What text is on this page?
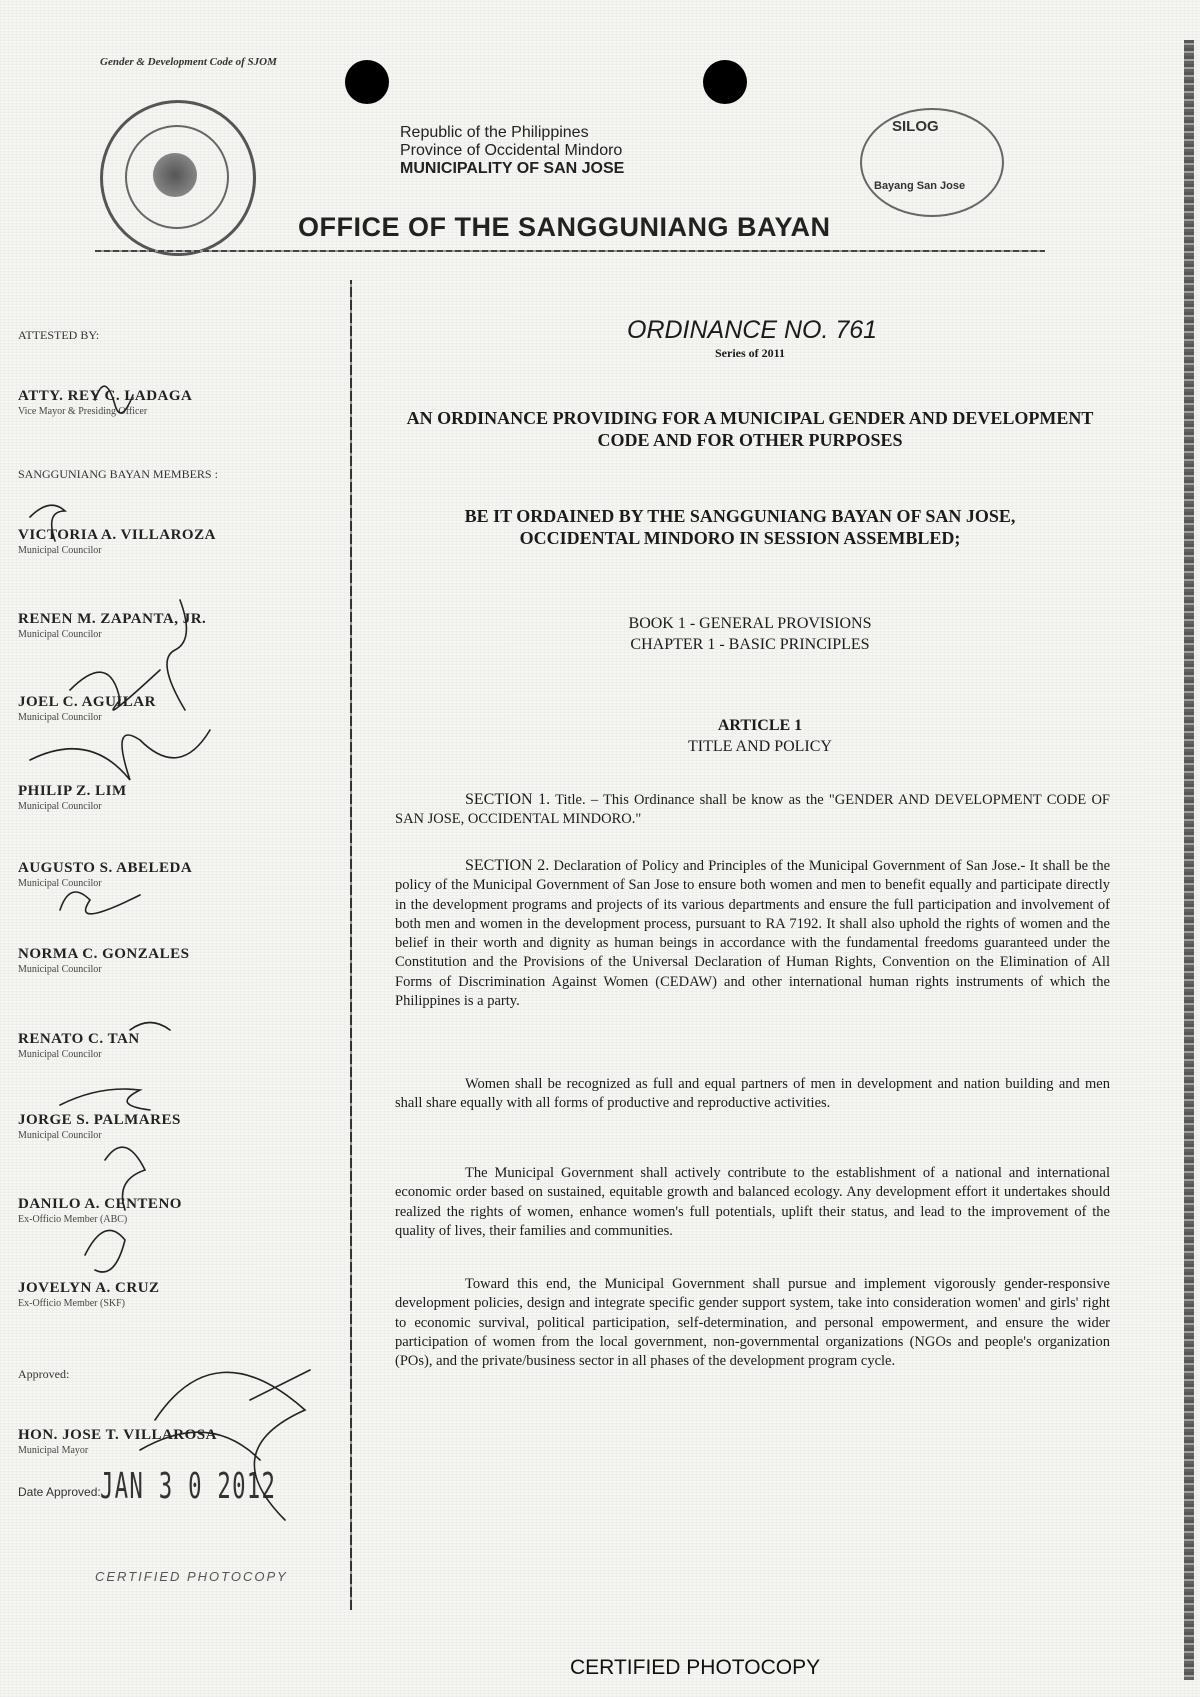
Gender & Development Code of SJOM
SILOG
Bayang San Jose
Republic of the Philippines
Province of Occidental Mindoro
MUNICIPALITY OF SAN JOSE
OFFICE OF THE SANGGUNIANG BAYAN
ATTESTED BY:
ATTY. REY C. LADAGA
Vice Mayor & Presiding Officer
SANGGUNIANG BAYAN MEMBERS :
VICTORIA A. VILLAROZA
Municipal Councilor
RENEN M. ZAPANTA, JR.
Municipal Councilor
JOEL C. AGUILAR
Municipal Councilor
PHILIP Z. LIM
Municipal Councilor
AUGUSTO S. ABELEDA
Municipal Councilor
NORMA C. GONZALES
Municipal Councilor
RENATO C. TAN
Municipal Councilor
JORGE S. PALMARES
Municipal Councilor
DANILO A. CENTENO
Ex-Officio Member (ABC)
JOVELYN A. CRUZ
Ex-Officio Member (SKF)
Approved:
HON. JOSE T. VILLAROSA
Municipal Mayor
Date Approved: JAN 3 0 2012
CERTIFIED PHOTOCOPY
ORDINANCE NO. 761
Series of 2011
AN ORDINANCE PROVIDING FOR A MUNICIPAL GENDER AND DEVELOPMENT CODE AND FOR OTHER PURPOSES
BE IT ORDAINED BY THE SANGGUNIANG BAYAN OF SAN JOSE,
OCCIDENTAL MINDORO IN SESSION ASSEMBLED;
BOOK 1 - GENERAL PROVISIONS
CHAPTER 1 - BASIC PRINCIPLES
ARTICLE 1
TITLE AND POLICY
SECTION 1. Title. – This Ordinance shall be know as the "GENDER AND DEVELOPMENT CODE OF SAN JOSE, OCCIDENTAL MINDORO."
SECTION 2. Declaration of Policy and Principles of the Municipal Government of San Jose.- It shall be the policy of the Municipal Government of San Jose to ensure both women and men to benefit equally and participate directly in the development programs and projects of its various departments and ensure the full participation and involvement of both men and women in the development process, pursuant to RA 7192. It shall also uphold the rights of women and the belief in their worth and dignity as human beings in accordance with the fundamental freedoms guaranteed under the Constitution and the Provisions of the Universal Declaration of Human Rights, Convention on the Elimination of All Forms of Discrimination Against Women (CEDAW) and other international human rights instruments of which the Philippines is a party.
Women shall be recognized as full and equal partners of men in development and nation building and men shall share equally with all forms of productive and reproductive activities.
The Municipal Government shall actively contribute to the establishment of a national and international economic order based on sustained, equitable growth and balanced ecology. Any development effort it undertakes should realized the rights of women, enhance women's full potentials, uplift their status, and lead to the improvement of the quality of lives, their families and communities.
Toward this end, the Municipal Government shall pursue and implement vigorously gender-responsive development policies, design and integrate specific gender support system, take into consideration women' and girls' right to economic survival, political participation, self-determination, and personal empowerment, and ensure the wider participation of women from the local government, non-governmental organizations (NGOs and people's organization (POs), and the private/business sector in all phases of the development program cycle.
CERTIFIED PHOTOCOPY
